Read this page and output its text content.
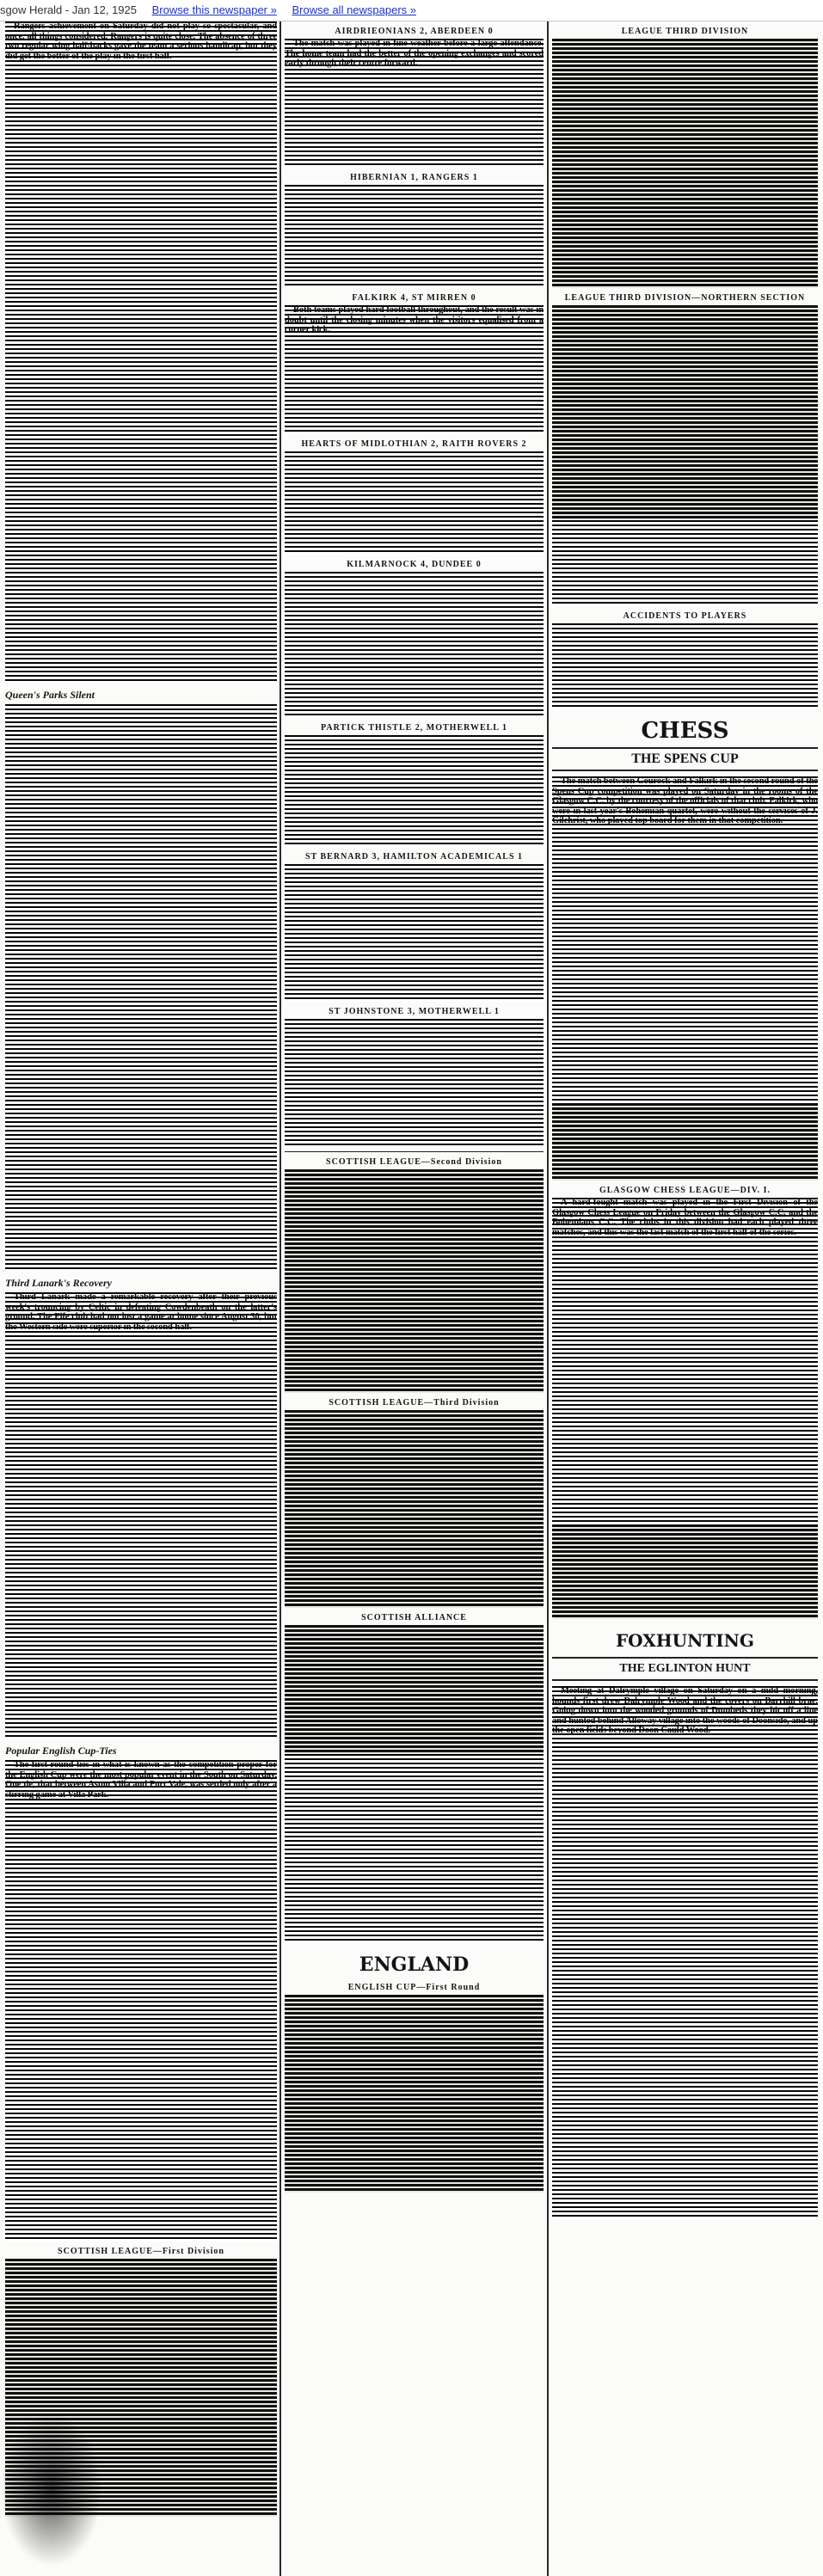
sgow Herald - Jan 12, 1925 Browse this newspaper » Browse all newspapers »

Rangers achievement on Saturday did not play so spectacular, and once, all things considered, Rangers is quite close. The absence of three two regular wing half-backs gave the team a serious handicap, but they did get the better of the play in the first half.

Queen's Parks Silent
Third Lanark's Recovery

Third Lanark made a remarkable recovery after their previous week's trouncing by Celtic in defeating Cowdenbeath on the latter's ground. The Fife club had not lost a game at home since August 30, but the Western side were superior in the second half.

Popular English Cup-Ties

The first-round ties in what is known as the competition proper for the English Cup were the most popular event in the South on Saturday. One tie, that between Aston Villa and Port Vale, was settled only after a stirring game at Villa Park.

SCOTTISH LEAGUE—First Division
AIRDRIEONIANS 2, ABERDEEN 0

The match was played in fine weather before a large attendance. The home team had the better of the opening exchanges and scored early through their centre forward.

HIBERNIAN 1, RANGERS 1
FALKIRK 4, ST MIRREN 0

Both teams played hard football throughout, and the result was in doubt until the closing minutes when the visitors equalised from a corner kick.

HEARTS OF MIDLOTHIAN 2, RAITH ROVERS 2
KILMARNOCK 4, DUNDEE 0
PARTICK THISTLE 2, MOTHERWELL 1
ST BERNARD 3, HAMILTON ACADEMICALS 1
ST JOHNSTONE 3, MOTHERWELL 1
SCOTTISH LEAGUE—Second Division
SCOTTISH LEAGUE—Third Division
SCOTTISH ALLIANCE
ENGLAND
ENGLISH CUP—First Round
LEAGUE THIRD DIVISION
LEAGUE THIRD DIVISION—NORTHERN SECTION
ACCIDENTS TO PLAYERS
CHESS
THE SPENS CUP

The match between Gourock and Falkirk in the second round of the Spens Cup competition was played on Saturday in the rooms of the Glasgow C.C. by the courtesy of the officials of that club. Falkirk, who were in last year's Bohemian quartet, were without the services of J. Gilchrist, who played top board for them in that competition.

GLASGOW CHESS LEAGUE—DIV. I.

A hard-fought match was played in the First Division of the Glasgow Chess League on Friday between the Glasgow C.C. and the Bohemians C.C. The clubs in this division had each played three matches, and this was the last match of the first half of the series.

FOXHUNTING
THE EGLINTON HUNT

Meeting at Dalrymple village on Saturday on a mild morning, hounds first drew Dalrymple Wood and the covers on Barrhill brae. Going down into the wooded grounds of Dumbeds they hit off a line and hunted behind Alloway village into the woods of Doonside, and up the open fields beyond Doon Cauld Wood.
